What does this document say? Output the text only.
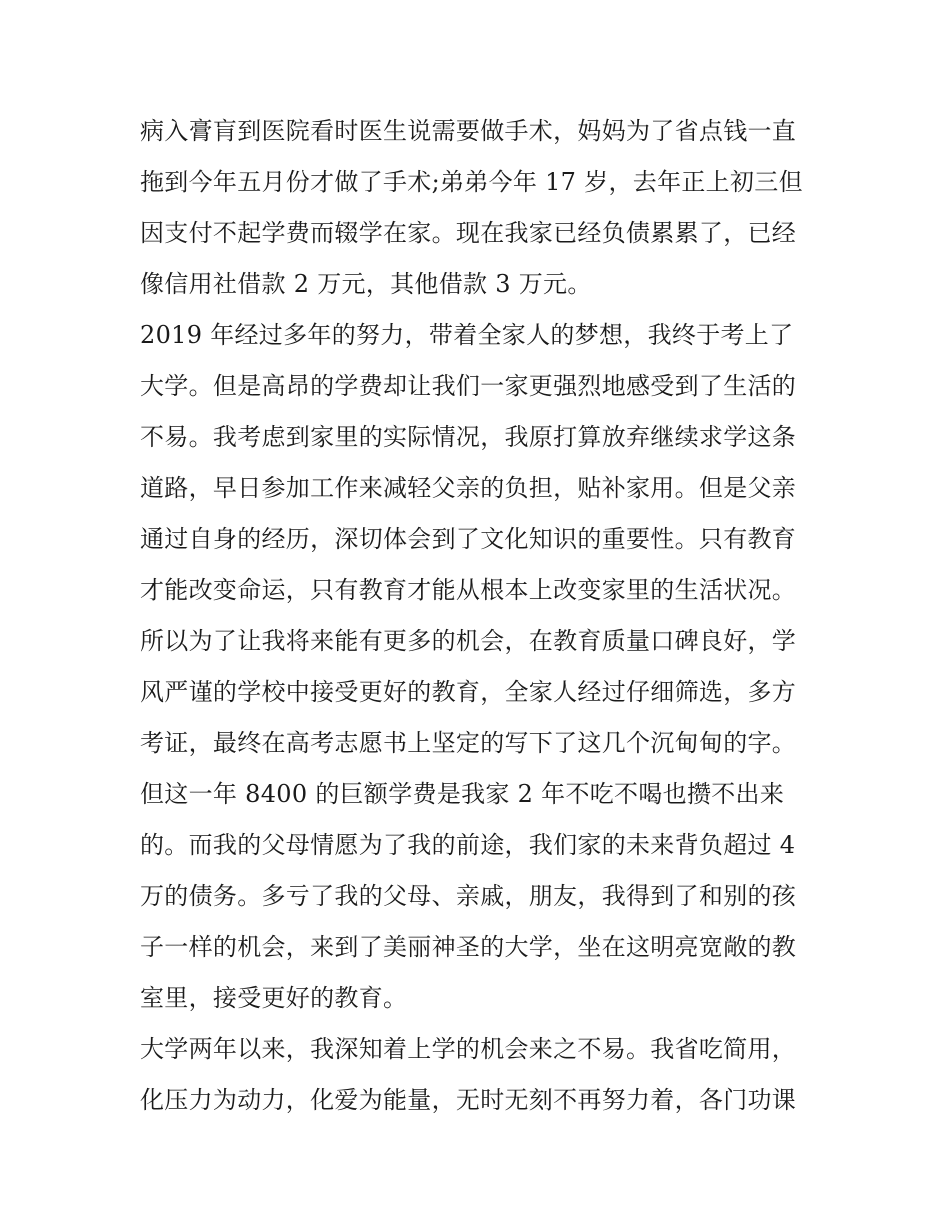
病入膏肓到医院看时医生说需要做手术，妈妈为了省点钱一直
拖到今年五月份才做了手术;弟弟今年 17 岁，去年正上初三但
因支付不起学费而辍学在家。现在我家已经负债累累了，已经
像信用社借款 2 万元，其他借款 3 万元。
2019 年经过多年的努力，带着全家人的梦想，我终于考上了
大学。但是高昂的学费却让我们一家更强烈地感受到了生活的
不易。我考虑到家里的实际情况，我原打算放弃继续求学这条
道路，早日参加工作来减轻父亲的负担，贴补家用。但是父亲
通过自身的经历，深切体会到了文化知识的重要性。只有教育
才能改变命运，只有教育才能从根本上改变家里的生活状况。
所以为了让我将来能有更多的机会，在教育质量口碑良好，学
风严谨的学校中接受更好的教育，全家人经过仔细筛选，多方
考证，最终在高考志愿书上坚定的写下了这几个沉甸甸的字。
但这一年 8400 的巨额学费是我家 2 年不吃不喝也攒不出来
的。而我的父母情愿为了我的前途，我们家的未来背负超过 4
万的债务。多亏了我的父母、亲戚，朋友，我得到了和别的孩
子一样的机会，来到了美丽神圣的大学，坐在这明亮宽敞的教
室里，接受更好的教育。
大学两年以来，我深知着上学的机会来之不易。我省吃简用，
化压力为动力，化爱为能量，无时无刻不再努力着，各门功课
